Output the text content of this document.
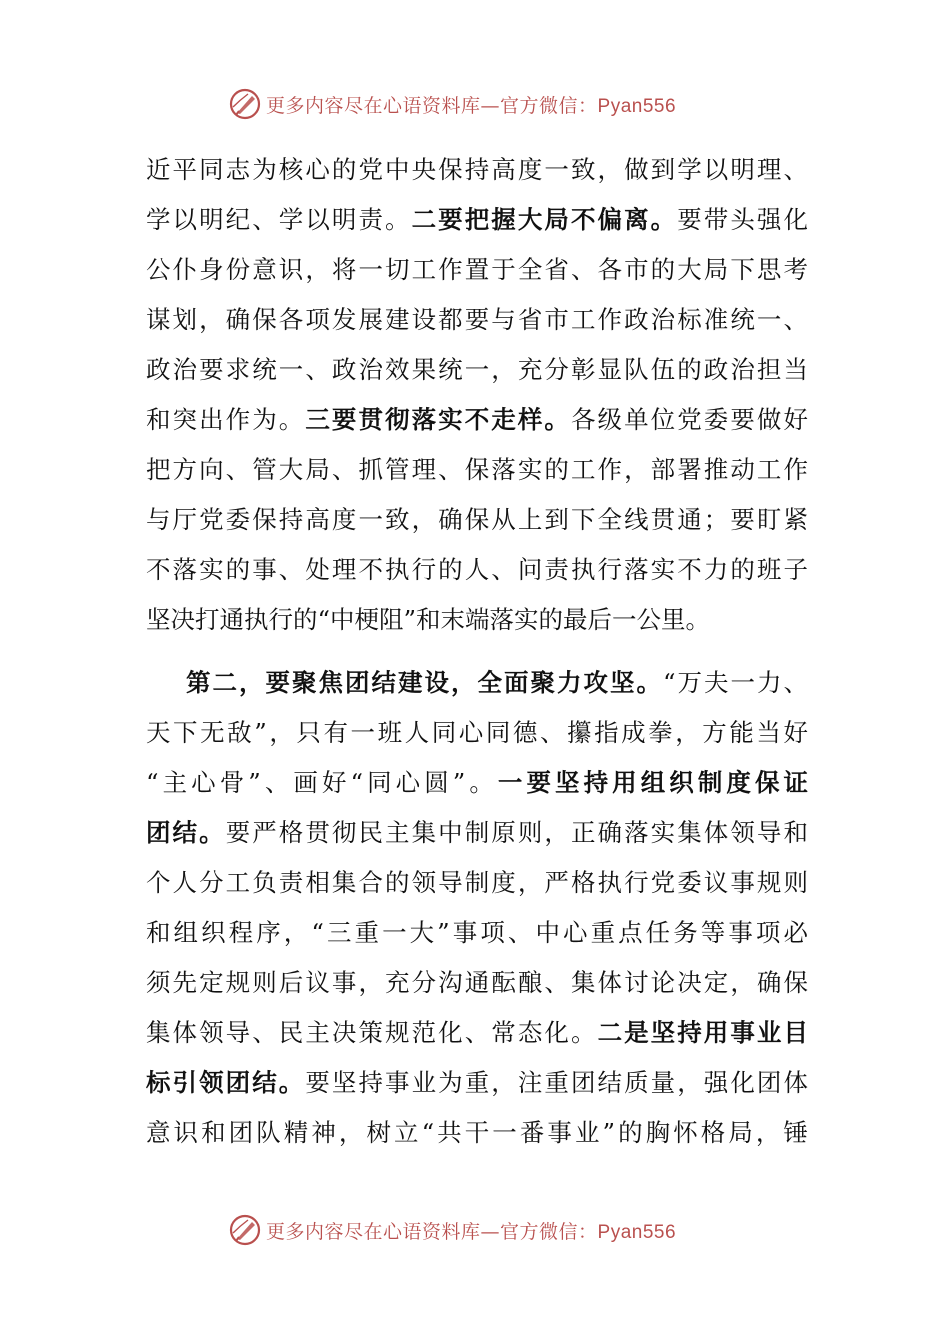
更多内容尽在心语资料库—官方微信：Pyan556
近平同志为核心的党中央保持高度一致，做到学以明理、
学以明纪、学以明责。二要把握大局不偏离。要带头强化
公仆身份意识，将一切工作置于全省、各市的大局下思考
谋划，确保各项发展建设都要与省市工作政治标准统一、
政治要求统一、政治效果统一，充分彰显队伍的政治担当
和突出作为。三要贯彻落实不走样。各级单位党委要做好
把方向、管大局、抓管理、保落实的工作，部署推动工作
与厅党委保持高度一致，确保从上到下全线贯通；要盯紧
不落实的事、处理不执行的人、问责执行落实不力的班子
坚决打通执行的“中梗阻”和末端落实的最后一公里。
第二，要聚焦团结建设，全面聚力攻坚。“万夫一力、
天下无敌”，只有一班人同心同德、攥指成拳，方能当好
“主心骨”、画好“同心圆”。一要坚持用组织制度保证
团结。要严格贯彻民主集中制原则，正确落实集体领导和
个人分工负责相集合的领导制度，严格执行党委议事规则
和组织程序，“三重一大”事项、中心重点任务等事项必
须先定规则后议事，充分沟通酝酿、集体讨论决定，确保
集体领导、民主决策规范化、常态化。二是坚持用事业目
标引领团结。要坚持事业为重，注重团结质量，强化团体
意识和团队精神，树立“共干一番事业”的胸怀格局，锤
更多内容尽在心语资料库—官方微信：Pyan556
